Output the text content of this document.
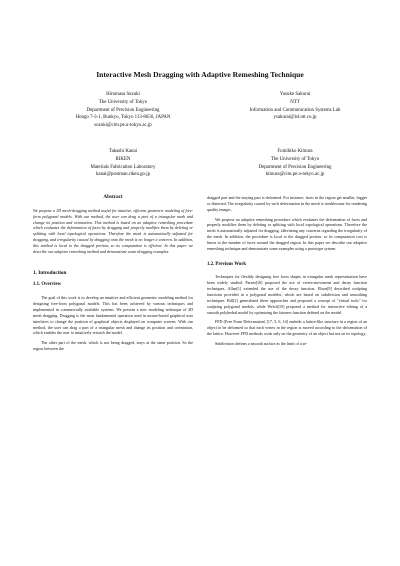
Interactive Mesh Dragging with Adaptive Remeshing Technique
Hiromasa Suzuki
The University of Tokyo
Department of Precision Engineering
Hongo 7-3-1, Bunkyo, Tokyo 113-8656, JAPAN
suzuki@cim.pe.u-tokyo.ac.jp
Yusuke Sakurai
NTT
Information and Communication Systems Lab
ysakurai@isl.ntt.co.jp
Takashi Kanai
RIKEN
Materials Fabrication Laboratory
kanai@postman.riken.go.jp
Fumihiko Kimura
The University of Tokyo
Department of Precision Engineering
kimura@cim.pe.u-tokyo.ac.jp
Abstract

We propose a 3D mesh-dragging method useful for intuitive, efficient geometric modeling of free-form polygonal models. With our method, the user can drag a part of a triangular mesh and change its position and orientation. This method is based on an adaptive remeshing procedure which evaluates the deformation of faces by dragging and properly modifies them by deleting or splitting with local topological operations. Therefore the mesh is automatically adjusted for dragging, and irregularity caused by dragging onto the mesh is no longer a concern. In addition, this method is local to the dragged portion, so its computation is efficient. In this paper we describe our adaptive remeshing method and demonstrate some dragging examples.

1. Introduction
1.1. Overview

The goal of this work is to develop an intuitive and efficient geometric modeling method for designing free-form polygonal models. This has been achieved by various techniques and implemented in commercially available systems. We present a new modeling technique of 3D mesh dragging. Dragging is the most fundamental operation used in mouse-based graphical user interfaces to change the position of graphical objects displayed on computer screens. With our method, the user can drag a part of a triangular mesh and change its position and orientation, which enables the user to intuitively retouch the model.

The other part of the mesh, which is not being dragged, stays at the same position. So the region between the

dragged part and the staying part is deformed. For instance, faces in the region get smaller, bigger or distorted. The irregularity caused by such deformation in the mesh is troublesome for rendering quality images.

We propose an adaptive remeshing procedure which evaluates the deformation of faces and properly modifies them by deleting or splitting with local topological operations. Therefore the mesh is automatically adjusted for dragging, alleviating any concerns regarding the irregularity of the mesh. In addition, the procedure is local to the dragged portion, so its computation cost is linear to the number of faces around the dragged region. In this paper we describe our adaptive remeshing technique and demonstrate some examples using a prototype system.

1.2. Previous Work

Techniques for flexibly designing free form shapes in triangular mesh representation have been widely studied. Parent[16] proposed the use of vertex-movement and decay function techniques. Allan[1] extended the use of the decay function. Elson[9] described sculpting functions provided in a polygonal modeler, which are based on subdivision and smoothing techniques. Bill[2] generalized these approaches and proposed a concept of "virtual tools" for sculpting polygonal models, while Welch[19] proposed a method for interactive editing of a smooth polyhedral model by optimizing the fairness function defined on the model.

FFD (Free Form Deformation) [17, 5, 6, 14] embeds a lattice-like structure in a region of an object to be deformed so that each vertex in the region is moved according to the deformation of the lattice. However FFD methods work only on the geometry of an object but not on its topology.

Subdivision defines a smooth surface as the limit of a se-
